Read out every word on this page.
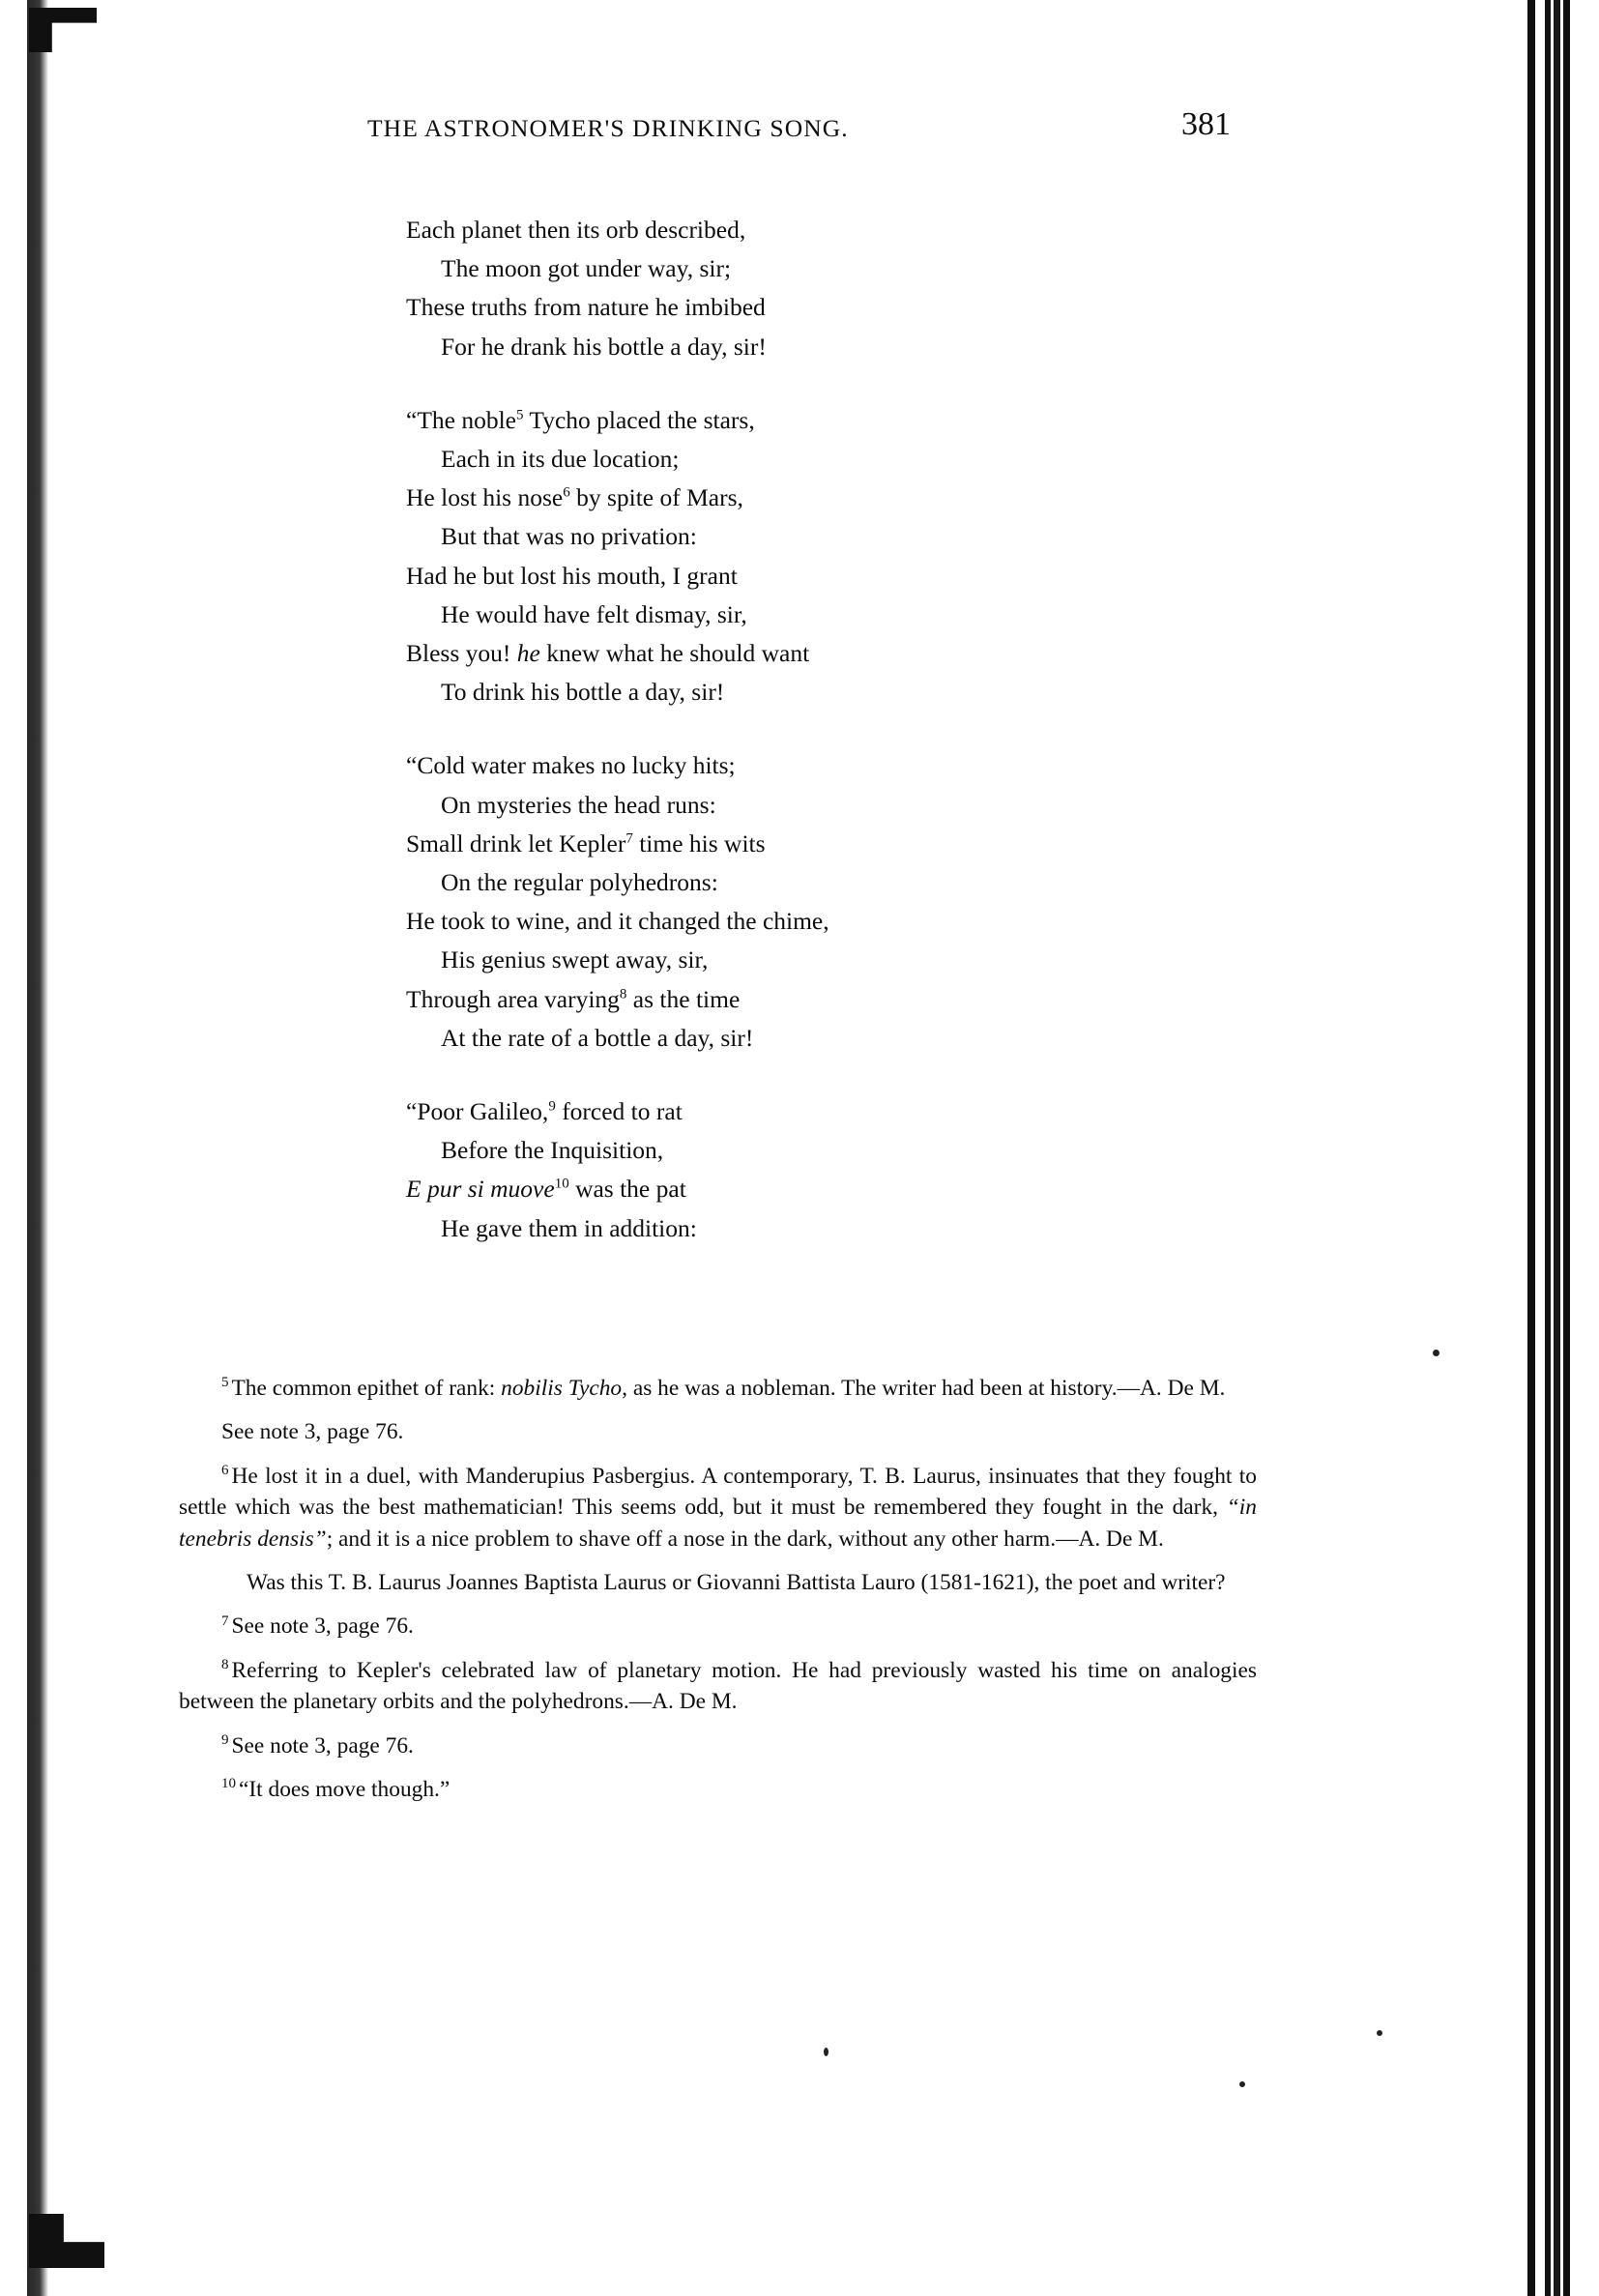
THE ASTRONOMER'S DRINKING SONG.	381
Each planet then its orb described,
The moon got under way, sir;
These truths from nature he imbibed
For he drank his bottle a day, sir!
“The noble$^5$ Tycho placed the stars,
Each in its due location;
He lost his nose$^6$ by spite of Mars,
But that was no privation:
Had he but lost his mouth, I grant
He would have felt dismay, sir,
Bless you! he knew what he should want
To drink his bottle a day, sir!
“Cold water makes no lucky hits;
On mysteries the head runs:
Small drink let Kepler$^7$ time his wits
On the regular polyhedrons:
He took to wine, and it changed the chime,
His genius swept away, sir,
Through area varying$^8$ as the time
At the rate of a bottle a day, sir!
“Poor Galileo,$^9$ forced to rat
Before the Inquisition,
E pur si muove$^{10}$ was the pat
He gave them in addition:

$^5$ The common epithet of rank: nobilis Tycho, as he was a nobleman. The writer had been at history.—A. De M.

See note 3, page 76.

$^6$ He lost it in a duel, with Manderupius Pasbergius. A contemporary, T. B. Laurus, insinuates that they fought to settle which was the best mathematician! This seems odd, but it must be remembered they fought in the dark, “in tenebris densis”; and it is a nice problem to shave off a nose in the dark, without any other harm.—A. De M.

Was this T. B. Laurus Joannes Baptista Laurus or Giovanni Battista Lauro (1581-1621), the poet and writer?

$^7$ See note 3, page 76.

$^8$ Referring to Kepler's celebrated law of planetary motion. He had previously wasted his time on analogies between the planetary orbits and the polyhedrons.—A. De M.

$^9$ See note 3, page 76.

$^{10}$ “It does move though.”
